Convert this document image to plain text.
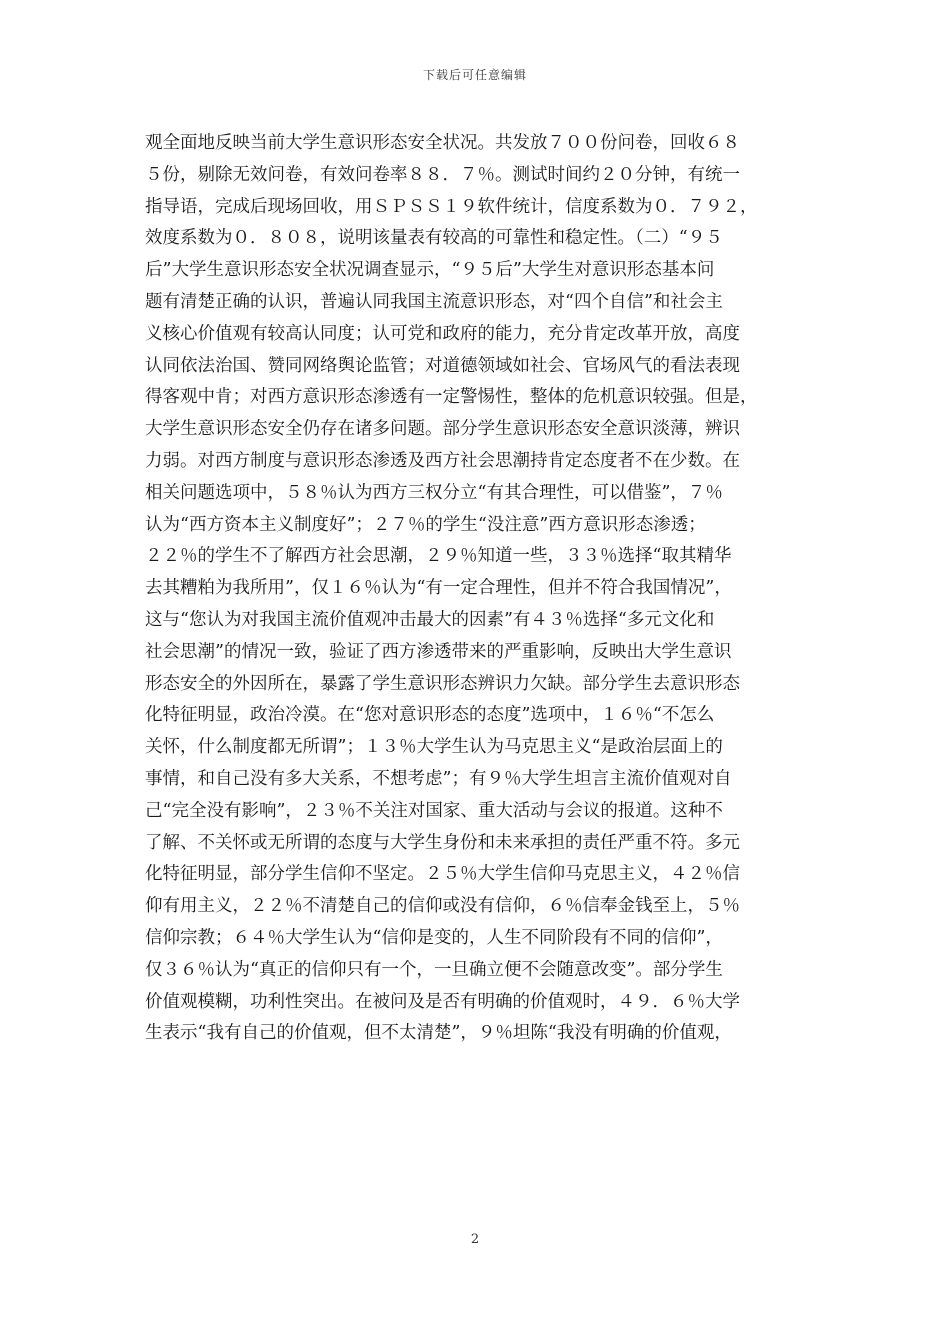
下载后可任意编辑
观全面地反映当前大学生意识形态安全状况。共发放７００份问卷，回收６８
５份，剔除无效问卷，有效问卷率８８．７％。测试时间约２０分钟，有统一
指导语，完成后现场回收，用ＳＰＳＳ１９软件统计，信度系数为０．７９２，
效度系数为０．８０８，说明该量表有较高的可靠性和稳定性。（二）“９５
后”大学生意识形态安全状况调查显示，“９５后”大学生对意识形态基本问
题有清楚正确的认识，普遍认同我国主流意识形态，对“四个自信”和社会主
义核心价值观有较高认同度；认可党和政府的能力，充分肯定改革开放，高度
认同依法治国、赞同网络舆论监管；对道德领域如社会、官场风气的看法表现
得客观中肯；对西方意识形态渗透有一定警惕性，整体的危机意识较强。但是，
大学生意识形态安全仍存在诸多问题。部分学生意识形态安全意识淡薄，辨识
力弱。对西方制度与意识形态渗透及西方社会思潮持肯定态度者不在少数。在
相关问题选项中，５８％认为西方三权分立“有其合理性，可以借鉴”，７％
认为“西方资本主义制度好”；２７％的学生“没注意”西方意识形态渗透；
２２％的学生不了解西方社会思潮，２９％知道一些，３３％选择“取其精华
去其糟粕为我所用”，仅１６％认为“有一定合理性，但并不符合我国情况”，
这与“您认为对我国主流价值观冲击最大的因素”有４３％选择“多元文化和
社会思潮”的情况一致，验证了西方渗透带来的严重影响，反映出大学生意识
形态安全的外因所在，暴露了学生意识形态辨识力欠缺。部分学生去意识形态
化特征明显，政治冷漠。在“您对意识形态的态度”选项中，１６％“不怎么
关怀，什么制度都无所谓”；１３％大学生认为马克思主义“是政治层面上的
事情，和自己没有多大关系，不想考虑”；有９％大学生坦言主流价值观对自
己“完全没有影响”，２３％不关注对国家、重大活动与会议的报道。这种不
了解、不关怀或无所谓的态度与大学生身份和未来承担的责任严重不符。多元
化特征明显，部分学生信仰不坚定。２５％大学生信仰马克思主义，４２％信
仰有用主义，２２％不清楚自己的信仰或没有信仰，６％信奉金钱至上，５％
信仰宗教；６４％大学生认为“信仰是变的，人生不同阶段有不同的信仰”，
仅３６％认为“真正的信仰只有一个，一旦确立便不会随意改变”。部分学生
价值观模糊，功利性突出。在被问及是否有明确的价值观时，４９．６％大学
生表示“我有自己的价值观，但不太清楚”，９％坦陈“我没有明确的价值观，
2
